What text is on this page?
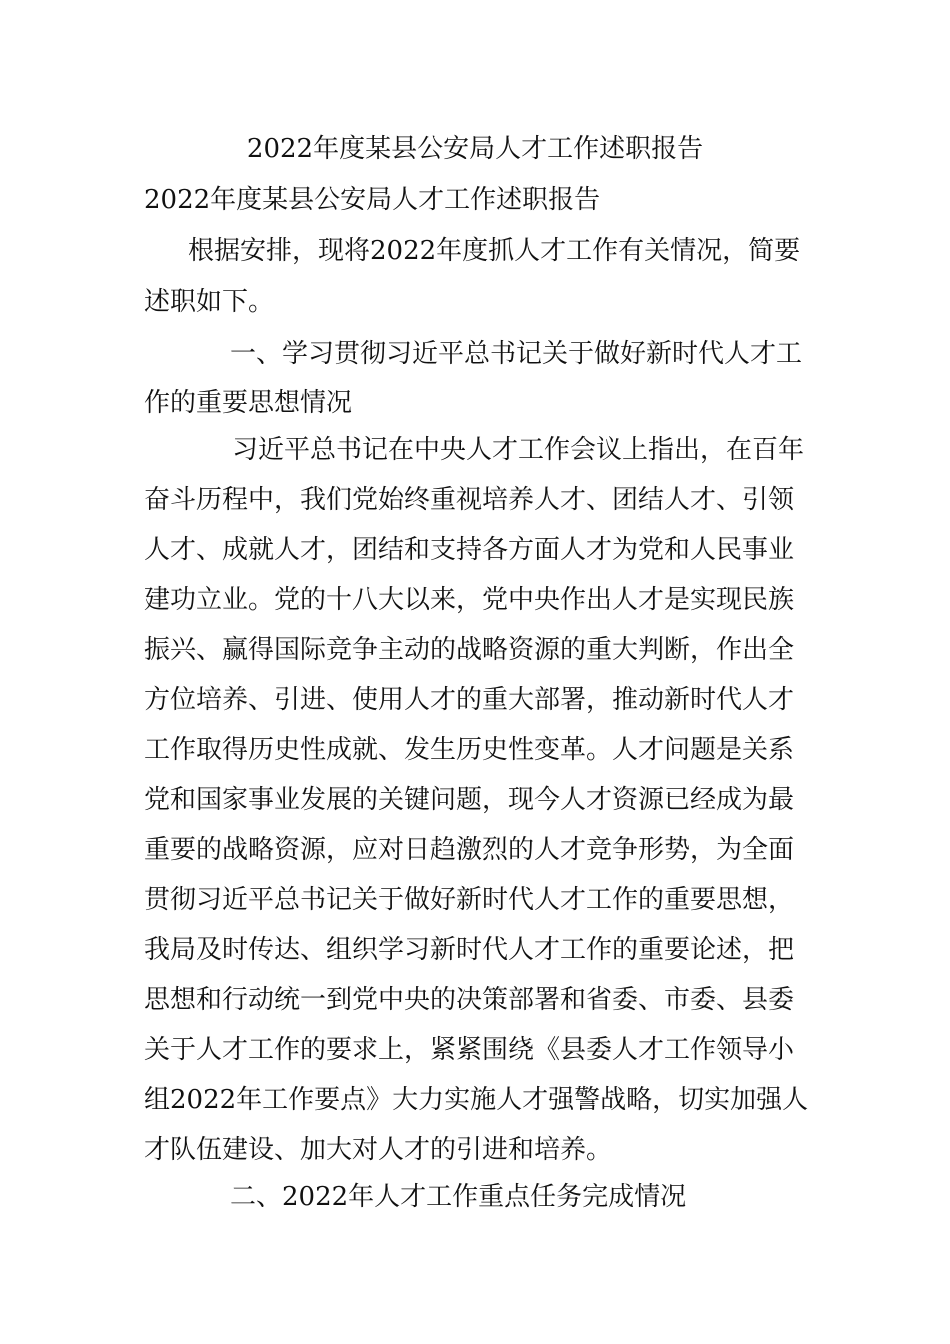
2022年度某县公安局人才工作述职报告
2022年度某县公安局人才工作述职报告
根据安排，现将2022年度抓人才工作有关情况，简要
述职如下。
一、学习贯彻习近平总书记关于做好新时代人才工
作的重要思想情况
习近平总书记在中央人才工作会议上指出，在百年
奋斗历程中，我们党始终重视培养人才、团结人才、引领
人才、成就人才，团结和支持各方面人才为党和人民事业
建功立业。党的十八大以来，党中央作出人才是实现民族
振兴、赢得国际竞争主动的战略资源的重大判断，作出全
方位培养、引进、使用人才的重大部署，推动新时代人才
工作取得历史性成就、发生历史性变革。人才问题是关系
党和国家事业发展的关键问题，现今人才资源已经成为最
重要的战略资源，应对日趋激烈的人才竞争形势，为全面
贯彻习近平总书记关于做好新时代人才工作的重要思想，
我局及时传达、组织学习新时代人才工作的重要论述，把
思想和行动统一到党中央的决策部署和省委、市委、县委
关于人才工作的要求上，紧紧围绕《县委人才工作领导小
组2022年工作要点》大力实施人才强警战略，切实加强人
才队伍建设、加大对人才的引进和培养。
二、2022年人才工作重点任务完成情况
